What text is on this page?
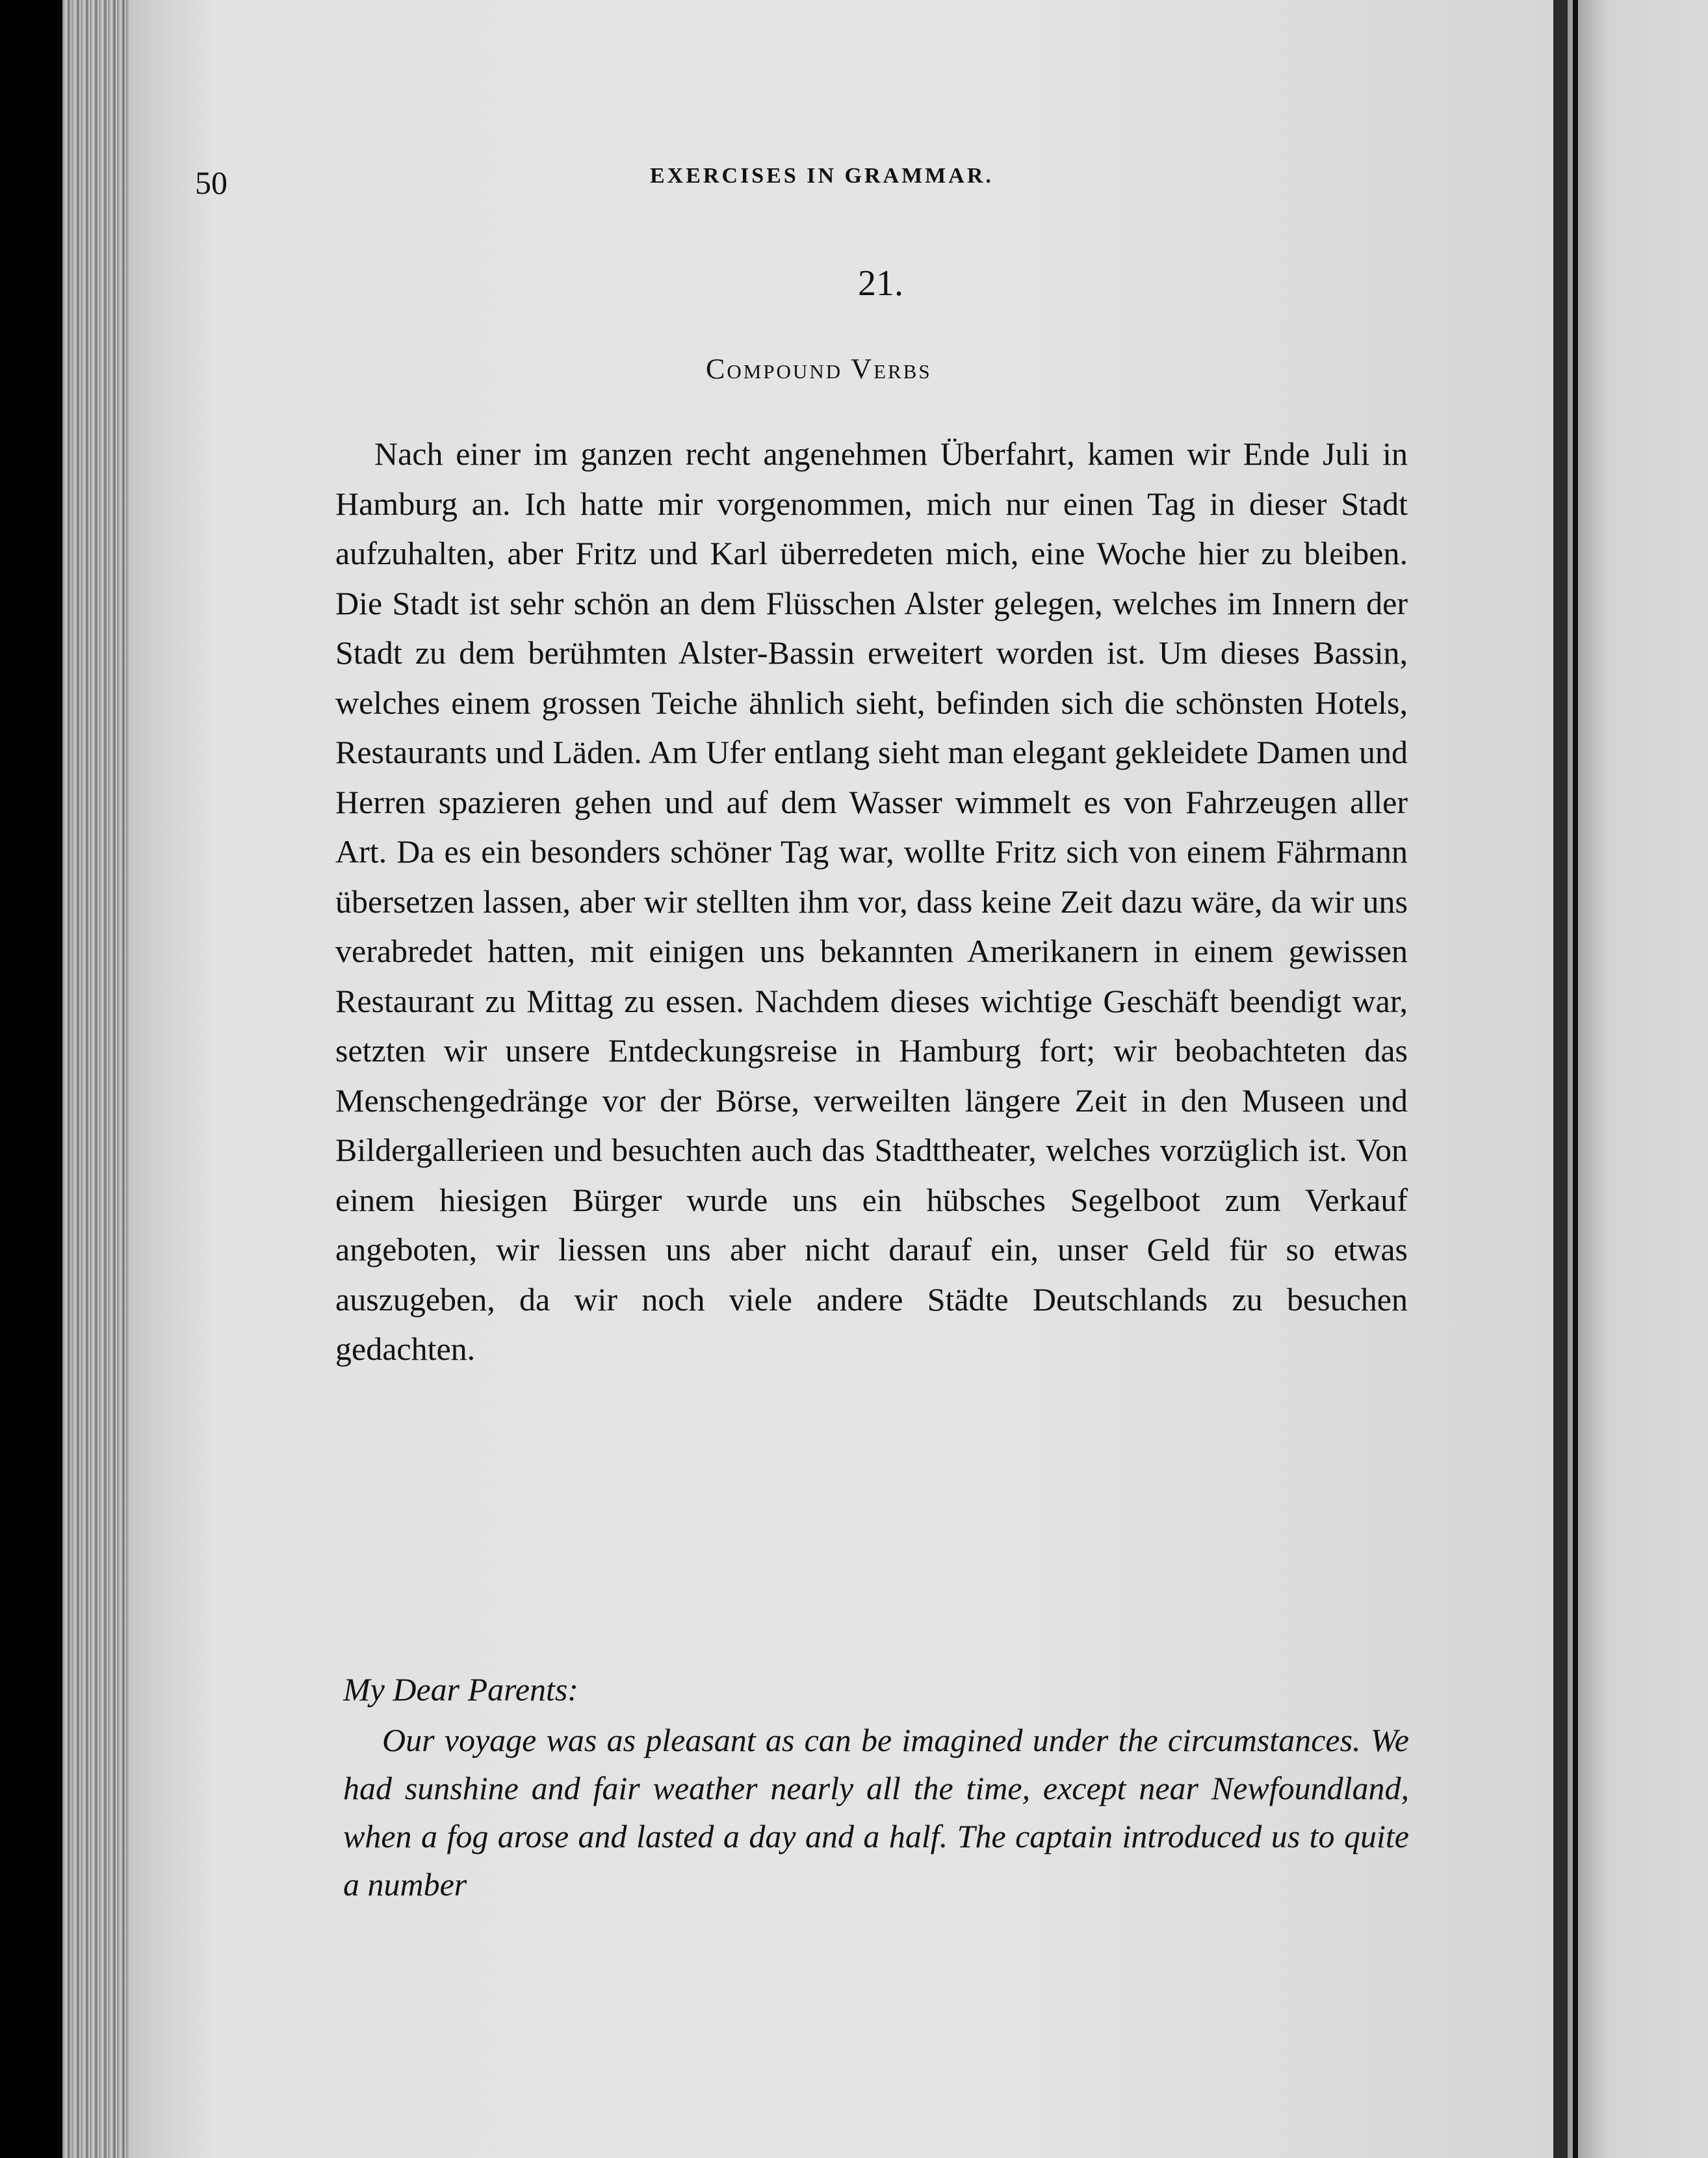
50	EXERCISES IN GRAMMAR.
21.
Compound Verbs

Nach einer im ganzen recht angenehmen Überfahrt, kamen wir Ende Juli in Hamburg an. Ich hatte mir vorgenommen, mich nur einen Tag in dieser Stadt aufzuhalten, aber Fritz und Karl überredeten mich, eine Woche hier zu bleiben. Die Stadt ist sehr schön an dem Flüsschen Alster gelegen, welches im Innern der Stadt zu dem berühmten Alster-Bassin erweitert worden ist. Um dieses Bassin, welches einem grossen Teiche ähnlich sieht, befinden sich die schönsten Hotels, Restaurants und Läden. Am Ufer entlang sieht man elegant gekleidete Damen und Herren spazieren gehen und auf dem Wasser wimmelt es von Fahrzeugen aller Art. Da es ein besonders schöner Tag war, wollte Fritz sich von einem Fährmann übersetzen lassen, aber wir stellten ihm vor, dass keine Zeit dazu wäre, da wir uns verabredet hatten, mit einigen uns bekannten Amerikanern in einem gewissen Restaurant zu Mittag zu essen. Nachdem dieses wichtige Geschäft beendigt war, setzten wir unsere Entdeckungsreise in Hamburg fort; wir beobachteten das Menschengedränge vor der Börse, verweilten längere Zeit in den Museen und Bildergallerieen und besuchten auch das Stadttheater, welches vorzüglich ist. Von einem hiesigen Bürger wurde uns ein hübsches Segelboot zum Verkauf angeboten, wir liessen uns aber nicht darauf ein, unser Geld für so etwas auszugeben, da wir noch viele andere Städte Deutschlands zu besuchen gedachten.

My Dear Parents:

Our voyage was as pleasant as can be imagined under the circumstances. We had sunshine and fair weather nearly all the time, except near Newfoundland, when a fog arose and lasted a day and a half. The captain introduced us to quite a number
